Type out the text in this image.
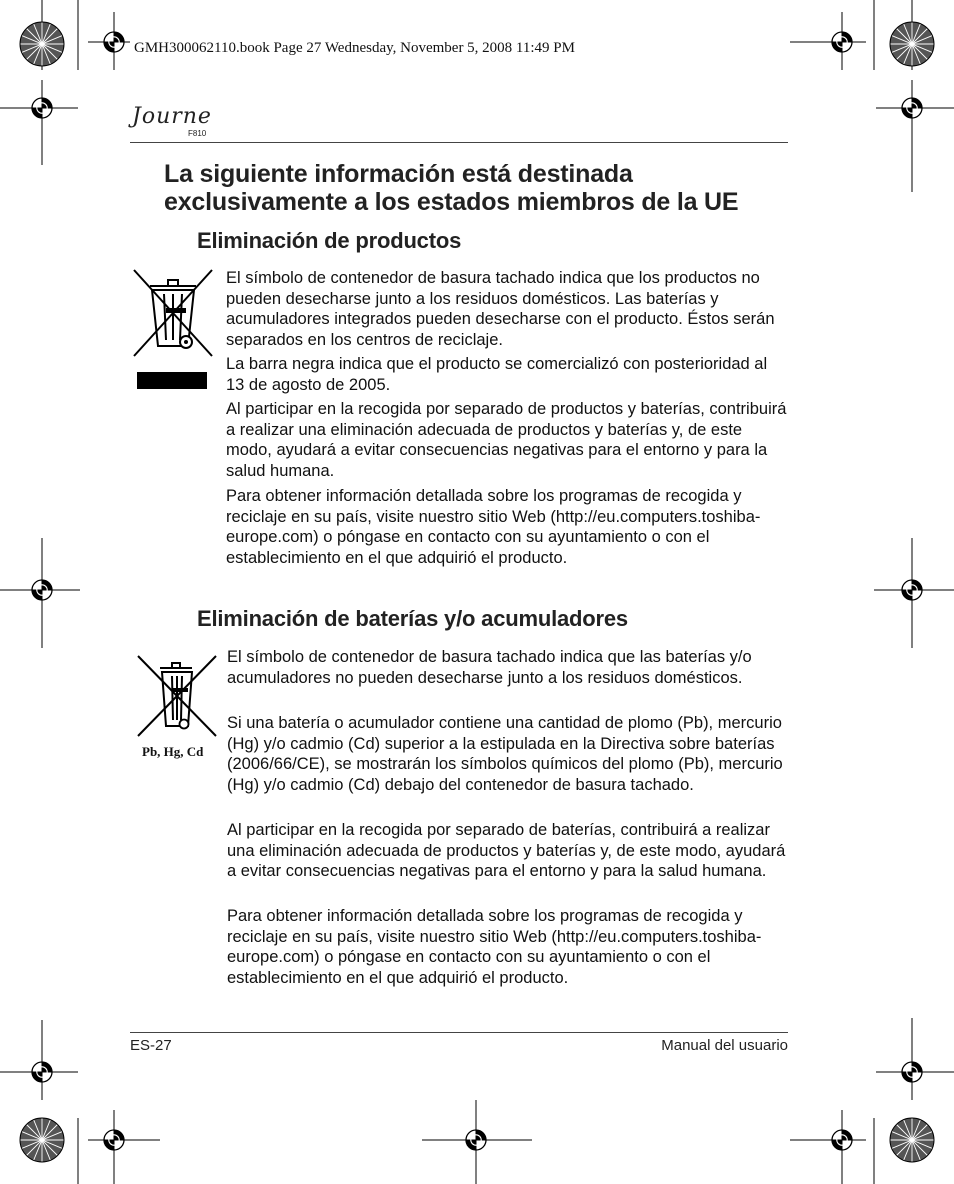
GMH300062110.book Page 27 Wednesday, November 5, 2008 11:49 PM
Journe
F810
La siguiente información está destinada exclusivamente a los estados miembros de la UE
Eliminación de productos

El símbolo de contenedor de basura tachado indica que los productos no pueden desecharse junto a los residuos domésticos. Las baterías y acumuladores integrados pueden desecharse con el producto. Éstos serán separados en los centros de reciclaje.

La barra negra indica que el producto se comercializó con posterioridad al 13 de agosto de 2005.

Al participar en la recogida por separado de productos y baterías, contribuirá a realizar una eliminación adecuada de productos y baterías y, de este modo, ayudará a evitar consecuencias negativas para el entorno y para la salud humana.

Para obtener información detallada sobre los programas de recogida y reciclaje en su país, visite nuestro sitio Web (http://eu.computers.toshiba-europe.com) o póngase en contacto con su ayuntamiento o con el establecimiento en el que adquirió el producto.

Eliminación de baterías y/o acumuladores
Pb, Hg, Cd

El símbolo de contenedor de basura tachado indica que las baterías y/o acumuladores no pueden desecharse junto a los residuos domésticos.

Si una batería o acumulador contiene una cantidad de plomo (Pb), mercurio (Hg) y/o cadmio (Cd) superior a la estipulada en la Directiva sobre baterías (2006/66/CE), se mostrarán los símbolos químicos del plomo (Pb), mercurio (Hg) y/o cadmio (Cd) debajo del contenedor de basura tachado.

Al participar en la recogida por separado de baterías, contribuirá a realizar una eliminación adecuada de productos y baterías y, de este modo, ayudará a evitar consecuencias negativas para el entorno y para la salud humana.

Para obtener información detallada sobre los programas de recogida y reciclaje en su país, visite nuestro sitio Web (http://eu.computers.toshiba-europe.com) o póngase en contacto con su ayuntamiento o con el establecimiento en el que adquirió el producto.

ES-27	Manual del usuario
